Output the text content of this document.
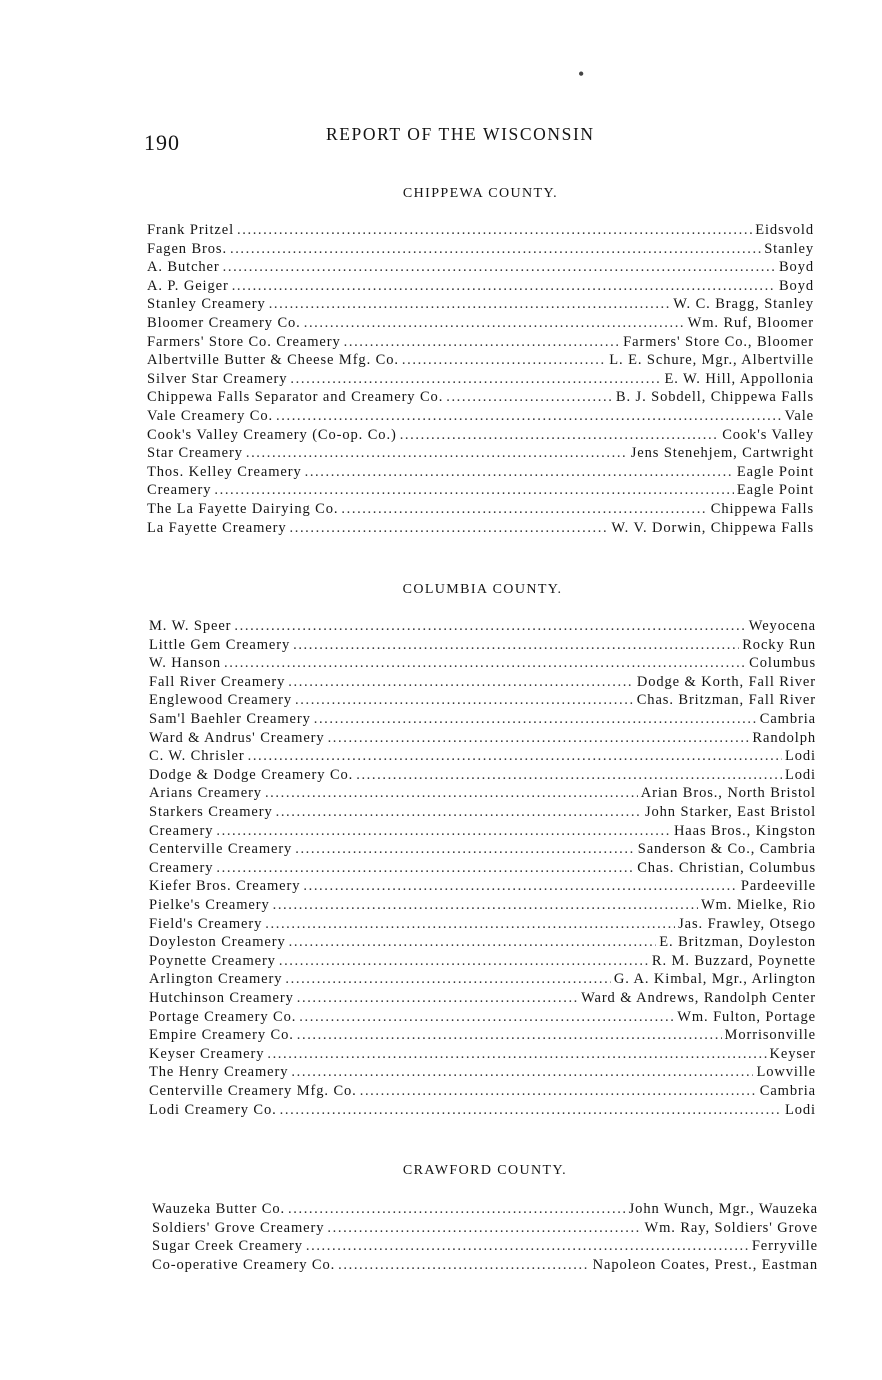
190	REPORT OF THE WISCONSIN
•
CHIPPEWA COUNTY.
Frank Pritzel .....	Eidsvold
Fagen Bros. .....	Stanley
A. Butcher .....	Boyd
A. P. Geiger .....	Boyd
Stanley Creamery .....	W. C. Bragg, Stanley
Bloomer Creamery Co. .....	Wm. Ruf, Bloomer
Farmers' Store Co. Creamery .....	Farmers' Store Co., Bloomer
Albertville Butter & Cheese Mfg. Co. .....	L. E. Schure, Mgr., Albertville
Silver Star Creamery .....	E. W. Hill, Appollonia
Chippewa Falls Separator and Creamery Co. .....	B. J. Sobdell, Chippewa Falls
Vale Creamery Co. .....	Vale
Cook's Valley Creamery (Co-op. Co.) .....	Cook's Valley
Star Creamery .....	Jens Stenehjem, Cartwright
Thos. Kelley Creamery .....	Eagle Point
Creamery .....	Eagle Point
The La Fayette Dairying Co. .....	Chippewa Falls
La Fayette Creamery .....	W. V. Dorwin, Chippewa Falls
COLUMBIA COUNTY.
M. W. Speer .....	Weyocena
Little Gem Creamery .....	Rocky Run
W. Hanson .....	Columbus
Fall River Creamery .....	Dodge & Korth, Fall River
Englewood Creamery .....	Chas. Britzman, Fall River
Sam'l Baehler Creamery .....	Cambria
Ward & Andrus' Creamery .....	Randolph
C. W. Chrisler .....	Lodi
Dodge & Dodge Creamery Co. .....	Lodi
Arians Creamery .....	Arian Bros., North Bristol
Starkers Creamery .....	John Starker, East Bristol
Creamery .....	Haas Bros., Kingston
Centerville Creamery .....	Sanderson & Co., Cambria
Creamery .....	Chas. Christian, Columbus
Kiefer Bros. Creamery .....	Pardeeville
Pielke's Creamery .....	Wm. Mielke, Rio
Field's Creamery .....	Jas. Frawley, Otsego
Doyleston Creamery .....	E. Britzman, Doyleston
Poynette Creamery .....	R. M. Buzzard, Poynette
Arlington Creamery .....	G. A. Kimbal, Mgr., Arlington
Hutchinson Creamery .....	Ward & Andrews, Randolph Center
Portage Creamery Co. .....	Wm. Fulton, Portage
Empire Creamery Co. .....	Morrisonville
Keyser Creamery .....	Keyser
The Henry Creamery .....	Lowville
Centerville Creamery Mfg. Co. .....	Cambria
Lodi Creamery Co. .....	Lodi
CRAWFORD COUNTY.
Wauzeka Butter Co. .....	John Wunch, Mgr., Wauzeka
Soldiers' Grove Creamery .....	Wm. Ray, Soldiers' Grove
Sugar Creek Creamery .....	Ferryville
Co-operative Creamery Co. .....	Napoleon Coates, Prest., Eastman
